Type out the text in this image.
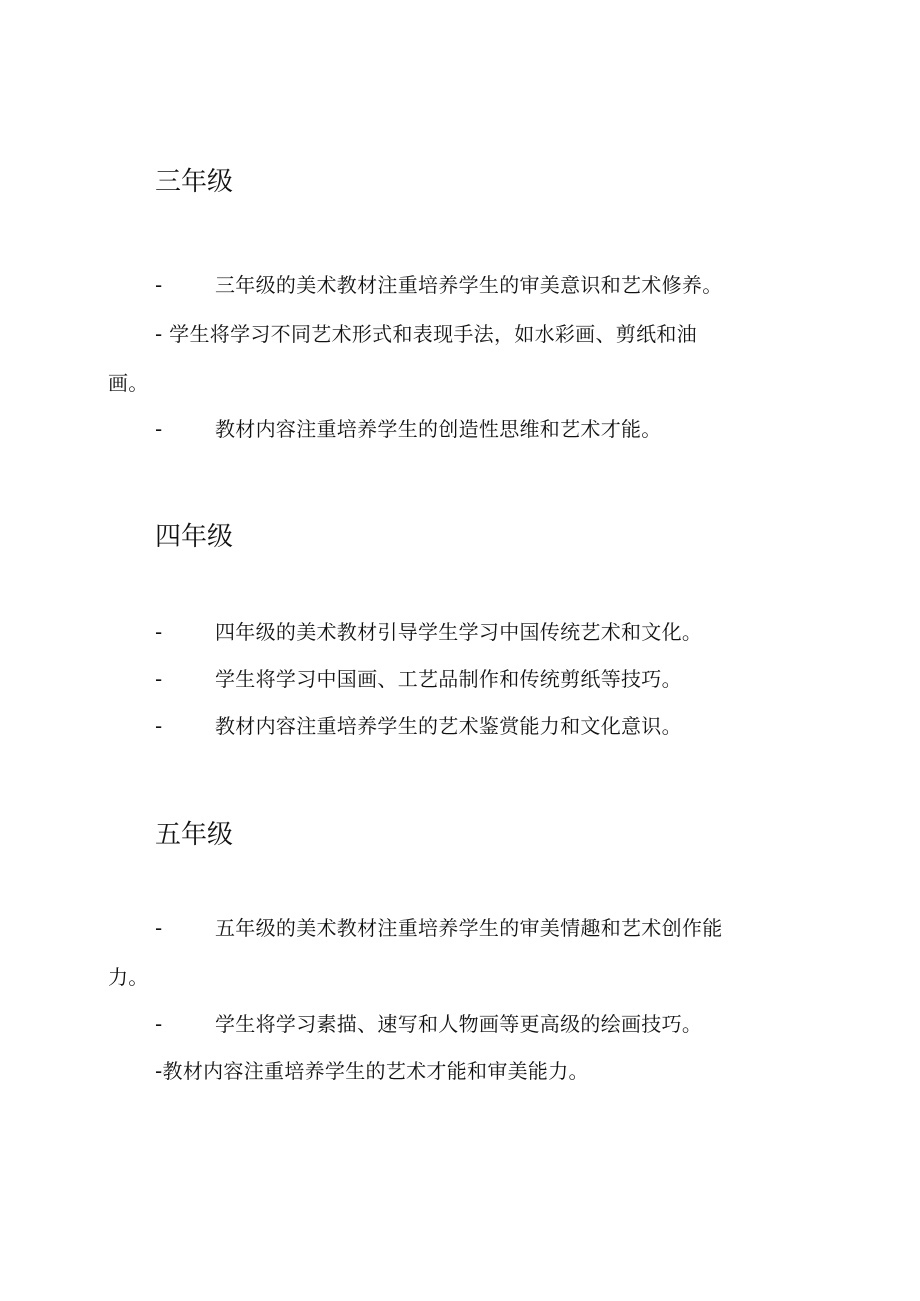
三年级
-	三年级的美术教材注重培养学生的审美意识和艺术修养。
- 学生将学习不同艺术形式和表现手法，如水彩画、剪纸和油
画。
-	教材内容注重培养学生的创造性思维和艺术才能。
四年级
-	四年级的美术教材引导学生学习中国传统艺术和文化。
-	学生将学习中国画、工艺品制作和传统剪纸等技巧。
-	教材内容注重培养学生的艺术鉴赏能力和文化意识。
五年级
-	五年级的美术教材注重培养学生的审美情趣和艺术创作能
力。
-	学生将学习素描、速写和人物画等更高级的绘画技巧。
-教材内容注重培养学生的艺术才能和审美能力。
